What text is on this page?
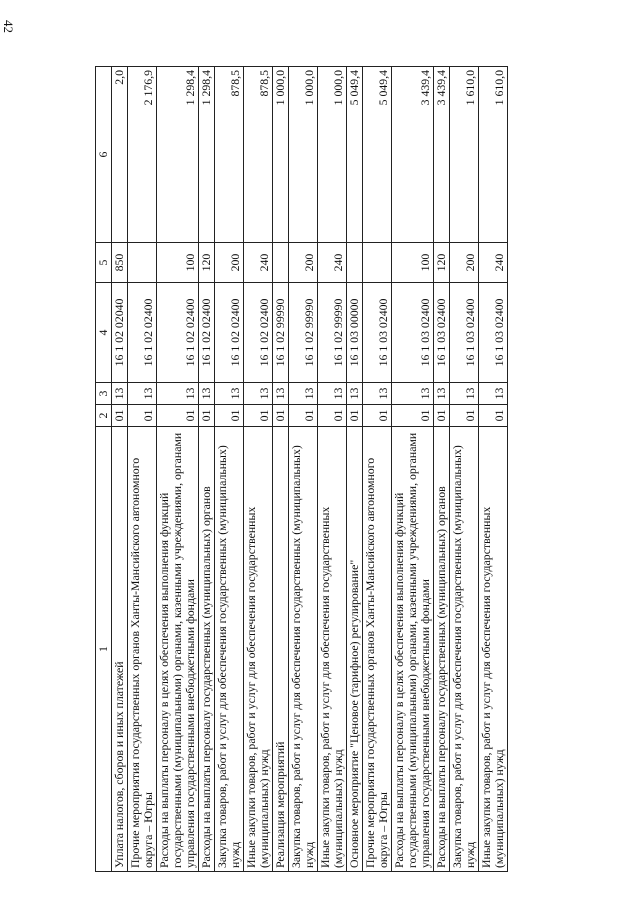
42
1	2	3	4	5	6
Уплата налогов, сборов и иных платежей	01	13	16 1 02 02040	850	2,0
Прочие мероприятия государственных органов Ханты-Мансийского автономного округа – Югры	01	13	16 1 02 02400		2 176,9
Расходы на выплаты персоналу в целях обеспечения выполнения функций государственными (муниципальными) органами, казенными учреждениями, органами управления государственными внебюджетными фондами	01	13	16 1 02 02400	100	1 298,4
Расходы на выплаты персоналу государственных (муниципальных) органов	01	13	16 1 02 02400	120	1 298,4
Закупка товаров, работ и услуг для обеспечения государственных (муниципальных) нужд	01	13	16 1 02 02400	200	878,5
Иные закупки товаров, работ и услуг для обеспечения государственных (муниципальных) нужд	01	13	16 1 02 02400	240	878,5
Реализация мероприятий	01	13	16 1 02 99990		1 000,0
Закупка товаров, работ и услуг для обеспечения государственных (муниципальных) нужд	01	13	16 1 02 99990	200	1 000,0
Иные закупки товаров, работ и услуг для обеспечения государственных (муниципальных) нужд	01	13	16 1 02 99990	240	1 000,0
Основное мероприятие "Ценовое (тарифное) регулирование"	01	13	16 1 03 00000		5 049,4
Прочие мероприятия государственных органов Ханты-Мансийского автономного округа – Югры	01	13	16 1 03 02400		5 049,4
Расходы на выплаты персоналу в целях обеспечения выполнения функций государственными (муниципальными) органами, казенными учреждениями, органами управления государственными внебюджетными фондами	01	13	16 1 03 02400	100	3 439,4
Расходы на выплаты персоналу государственных (муниципальных) органов	01	13	16 1 03 02400	120	3 439,4
Закупка товаров, работ и услуг для обеспечения государственных (муниципальных) нужд	01	13	16 1 03 02400	200	1 610,0
Иные закупки товаров, работ и услуг для обеспечения государственных (муниципальных) нужд	01	13	16 1 03 02400	240	1 610,0
